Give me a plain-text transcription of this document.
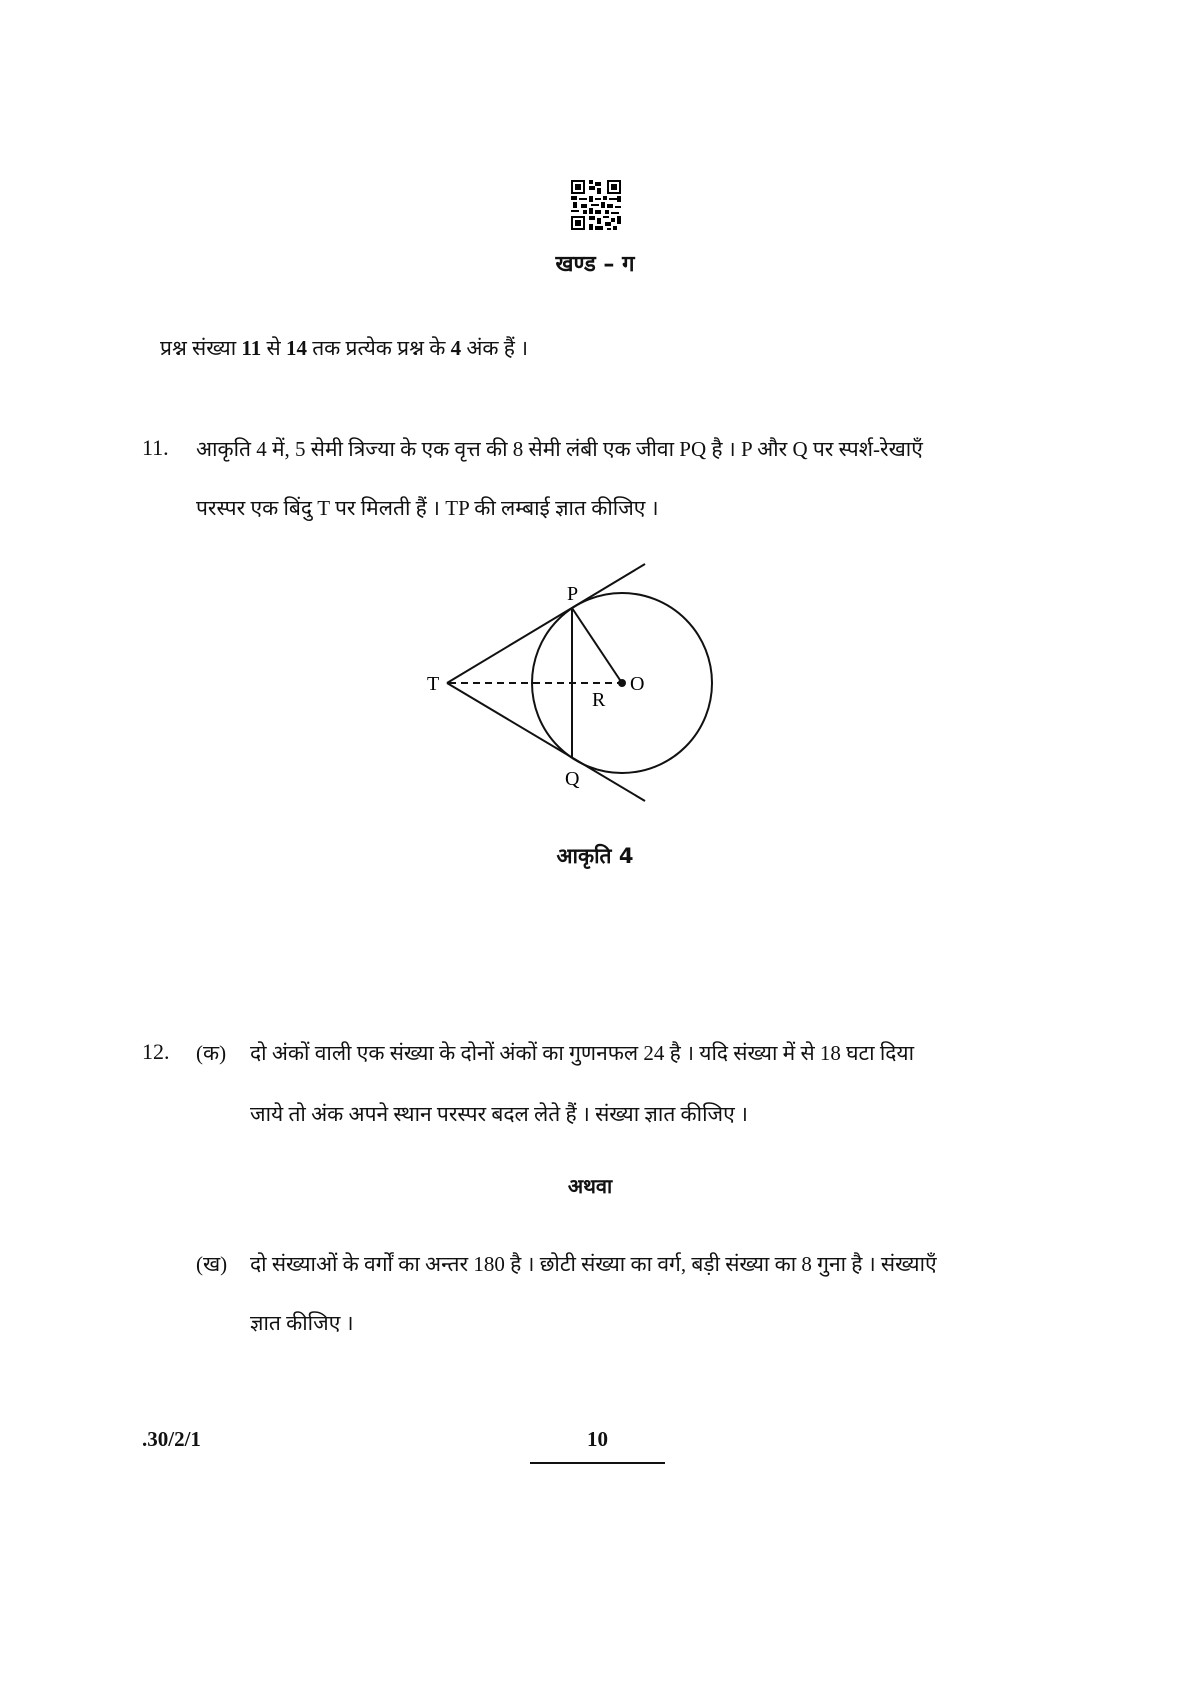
खण्ड – ग
प्रश्न संख्या 11 से 14 तक प्रत्येक प्रश्न के 4 अंक हैं ।
11. आकृति 4 में, 5 सेमी त्रिज्या के एक वृत्त की 8 सेमी लंबी एक जीवा PQ है । P और Q पर स्पर्श-रेखाएँ
परस्पर एक बिंदु T पर मिलती हैं । TP की लम्बाई ज्ञात कीजिए ।
P
Q
T	O
R
आकृति 4
12. (क) दो अंकों वाली एक संख्या के दोनों अंकों का गुणनफल 24 है । यदि संख्या में से 18 घटा दिया
जाये तो अंक अपने स्थान परस्पर बदल लेते हैं । संख्या ज्ञात कीजिए ।
अथवा
(ख) दो संख्याओं के वर्गों का अन्तर 180 है । छोटी संख्या का वर्ग, बड़ी संख्या का 8 गुना है । संख्याएँ
ज्ञात कीजिए ।
.30/2/1	10
